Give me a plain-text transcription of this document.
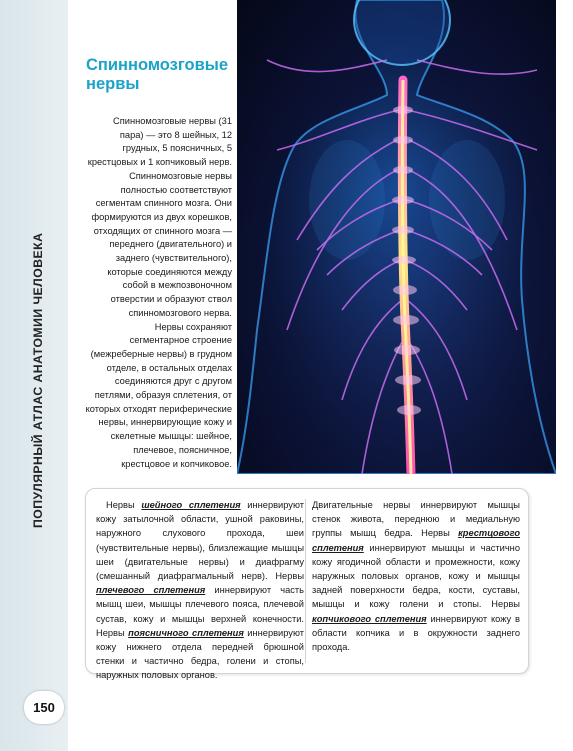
ПОПУЛЯРНЫЙ АТЛАС АНАТОМИИ ЧЕЛОВЕКА
150
Спинномозговые нервы

Спинномозговые нервы (31 пара) — это 8 шейных, 12 грудных, 5 поясничных, 5 крестцовых и 1 копчиковый нерв. Спинномозговые нервы полностью соответствуют сегментам спинного мозга. Они формируются из двух корешков, отходящих от спинного мозга — переднего (двигательного) и заднего (чувствительного), которые соединяются между собой в межпозвоночном отверстии и образуют ствол спинномозгового нерва.

Нервы сохраняют сегментарное строение (межреберные нервы) в грудном отделе, в остальных отделах соединяются друг с другом петлями, образуя сплетения, от которых отходят периферические нервы, иннервирующие кожу и скелетные мышцы: шейное, плечевое, поясничное, крестцовое и копчиковое.

Нервы шейного сплетения иннервируют кожу затылочной области, ушной раковины, наружного слухового прохода, шеи (чувствительные нервы), близлежащие мышцы шеи (двигательные нервы) и диафрагму (смешанный диафрагмальный нерв). Нервы плечевого сплетения иннервируют часть мышц шеи, мышцы плечевого пояса, плечевой сустав, кожу и мышцы верхней конечности. Нервы поясничного сплетения иннервируют кожу нижнего отдела передней брюшной стенки и частично бедра, голени и стопы, наружных половых органов.

Двигательные нервы иннервируют мышцы стенок живота, переднюю и медиальную группы мышц бедра. Нервы крестцового сплетения иннервируют мышцы и частично кожу ягодичной области и промежности, кожу наружных половых органов, кожу и мышцы задней поверхности бедра, кости, суставы, мышцы и кожу голени и стопы. Нервы копчикового сплетения иннервируют кожу в области копчика и в окружности заднего прохода.
